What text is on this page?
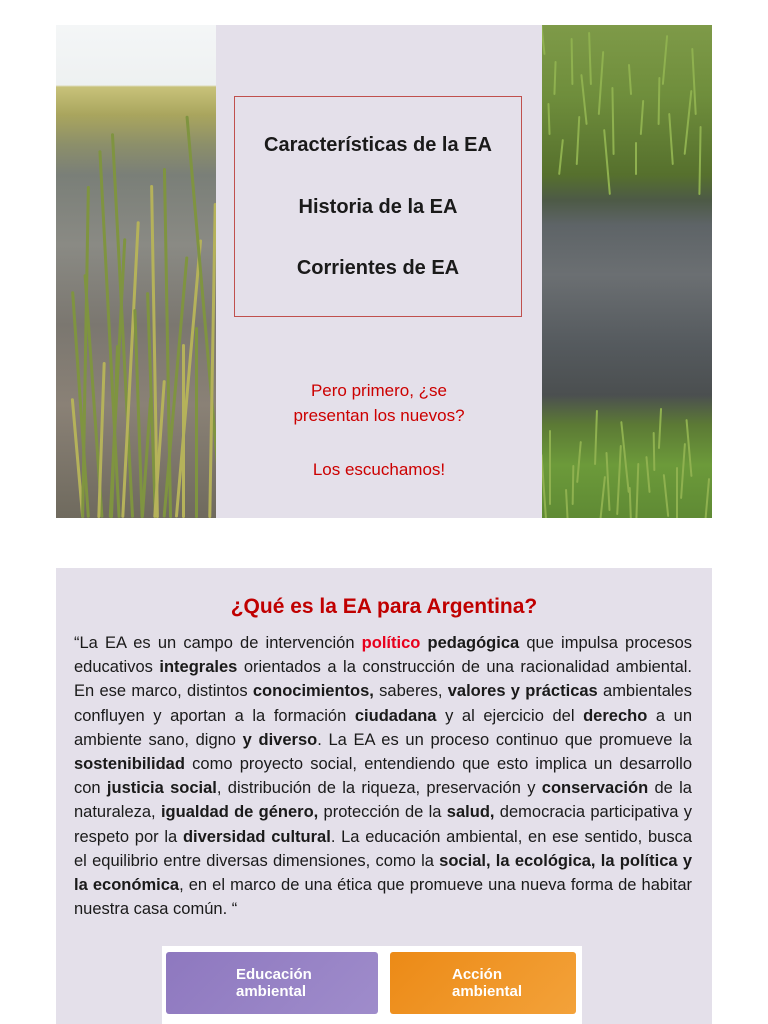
Características de la EA
Historia de la EA
Corrientes de EA
Pero primero, ¿se
presentan los nuevos?
Los escuchamos!
¿Qué es la EA para Argentina?

“La EA es un campo de intervención político pedagógica que impulsa procesos educativos integrales orientados a la construcción de una racionalidad ambiental. En ese marco, distintos conocimientos, saberes, valores y prácticas ambientales confluyen y aportan a la formación ciudadana y al ejercicio del derecho a un ambiente sano, digno y diverso. La EA es un proceso continuo que promueve la sostenibilidad como proyecto social, entendiendo que esto implica un desarrollo con justicia social, distribución de la riqueza, preservación y conservación de la naturaleza, igualdad de género, protección de la salud, democracia participativa y respeto por la diversidad cultural. La educación ambiental, en ese sentido, busca el equilibrio entre diversas dimensiones, como la social, la ecológica, la política y la económica, en el marco de una ética que promueve una nueva forma de habitar nuestra casa común. “

Educación
ambiental
Acción
ambiental
